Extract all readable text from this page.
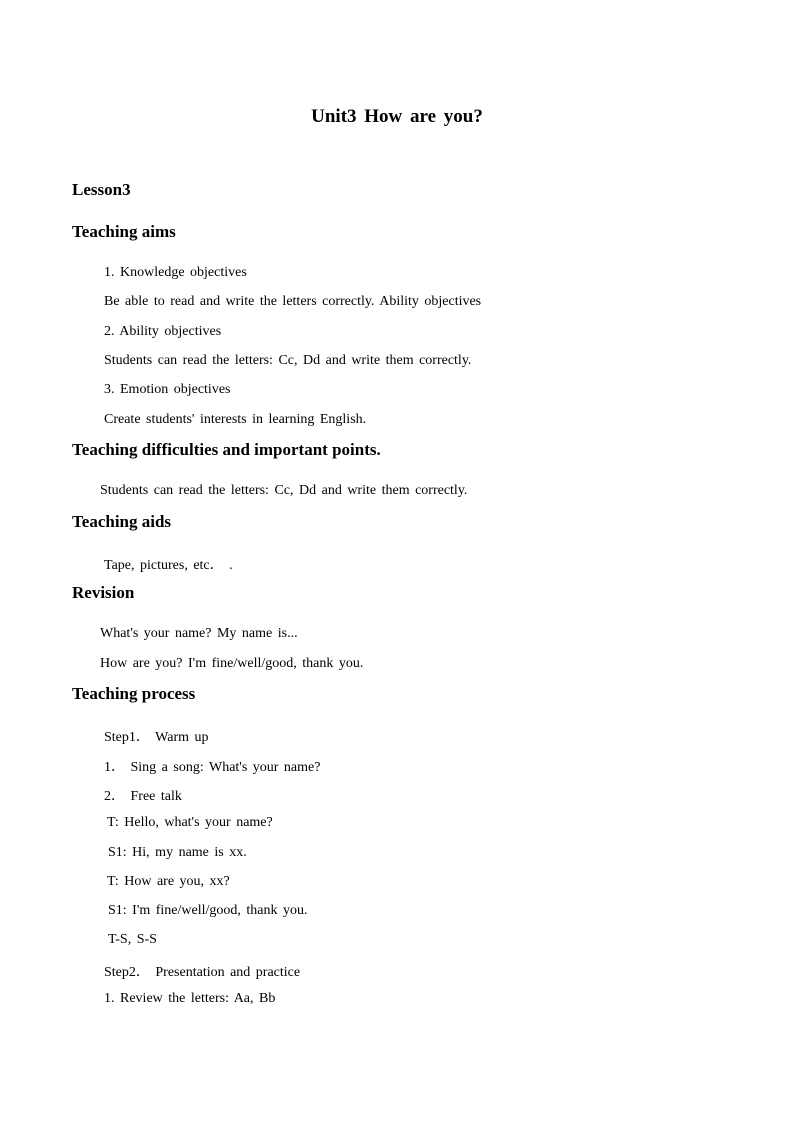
Unit3 How are you?
Lesson3
Teaching aims
1. Knowledge objectives
Be able to read and write the letters correctly. Ability objectives
2. Ability objectives
Students can read the letters: Cc, Dd and write them correctly.
3. Emotion objectives
Create students' interests in learning English.
Teaching difficulties and important points.
Students can read the letters: Cc, Dd and write them correctly.
Teaching aids
Tape, pictures, etc． .
Revision
What's your name? My name is...
How are you? I'm fine/well/good, thank you.
Teaching process
Step1． Warm up
1． Sing a song: What's your name?
2． Free talk
T: Hello, what's your name?
S1: Hi, my name is xx.
T: How are you, xx?
S1: I'm fine/well/good, thank you.
T-S, S-S
Step2． Presentation and practice
1. Review the letters: Aa, Bb
